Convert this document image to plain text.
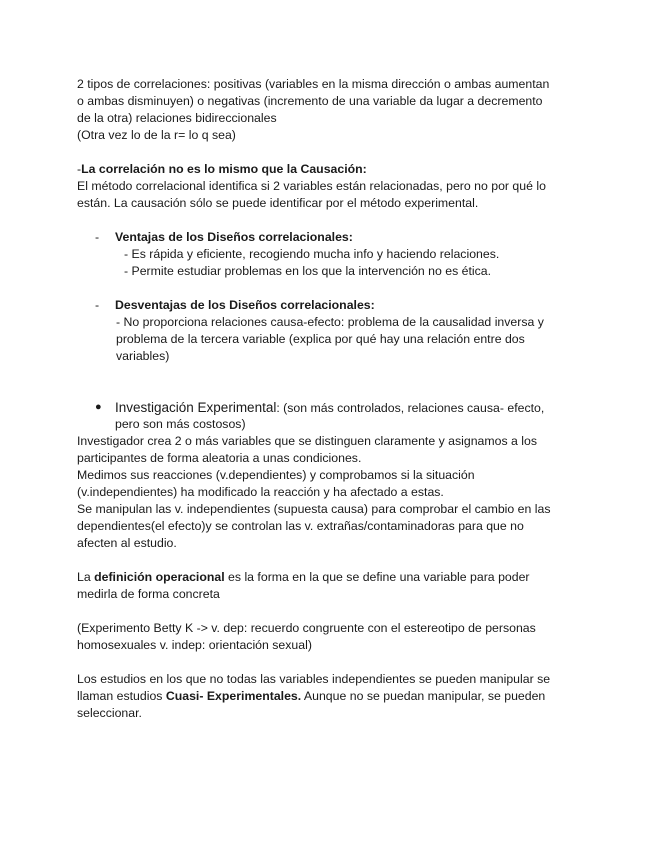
2 tipos de correlaciones: positivas (variables en la misma dirección o ambas aumentan
o ambas disminuyen) o negativas (incremento de una variable da lugar a decremento
de la otra) relaciones bidireccionales
(Otra vez lo de la r= lo q sea)
-La correlación no es lo mismo que la Causación:
El método correlacional identifica si 2 variables están relacionadas, pero no por qué lo
están. La causación sólo se puede identificar por el método experimental.
- Ventajas de los Diseños correlacionales:
- Es rápida y eficiente, recogiendo mucha info y haciendo relaciones.
- Permite estudiar problemas en los que la intervención no es ética.
- Desventajas de los Diseños correlacionales:
- No proporciona relaciones causa-efecto: problema de la causalidad inversa y
problema de la tercera variable (explica por qué hay una relación entre dos
variables)
● Investigación Experimental: (son más controlados, relaciones causa- efecto,
pero son más costosos)
Investigador crea 2 o más variables que se distinguen claramente y asignamos a los
participantes de forma aleatoria a unas condiciones.
Medimos sus reacciones (v.dependientes) y comprobamos si la situación
(v.independientes) ha modificado la reacción y ha afectado a estas.
Se manipulan las v. independientes (supuesta causa) para comprobar el cambio en las
dependientes(el efecto)y se controlan las v. extrañas/contaminadoras para que no
afecten al estudio.
La definición operacional es la forma en la que se define una variable para poder
medirla de forma concreta
(Experimento Betty K -> v. dep: recuerdo congruente con el estereotipo de personas
homosexuales v. indep: orientación sexual)
Los estudios en los que no todas las variables independientes se pueden manipular se
llaman estudios Cuasi- Experimentales. Aunque no se puedan manipular, se pueden
seleccionar.
